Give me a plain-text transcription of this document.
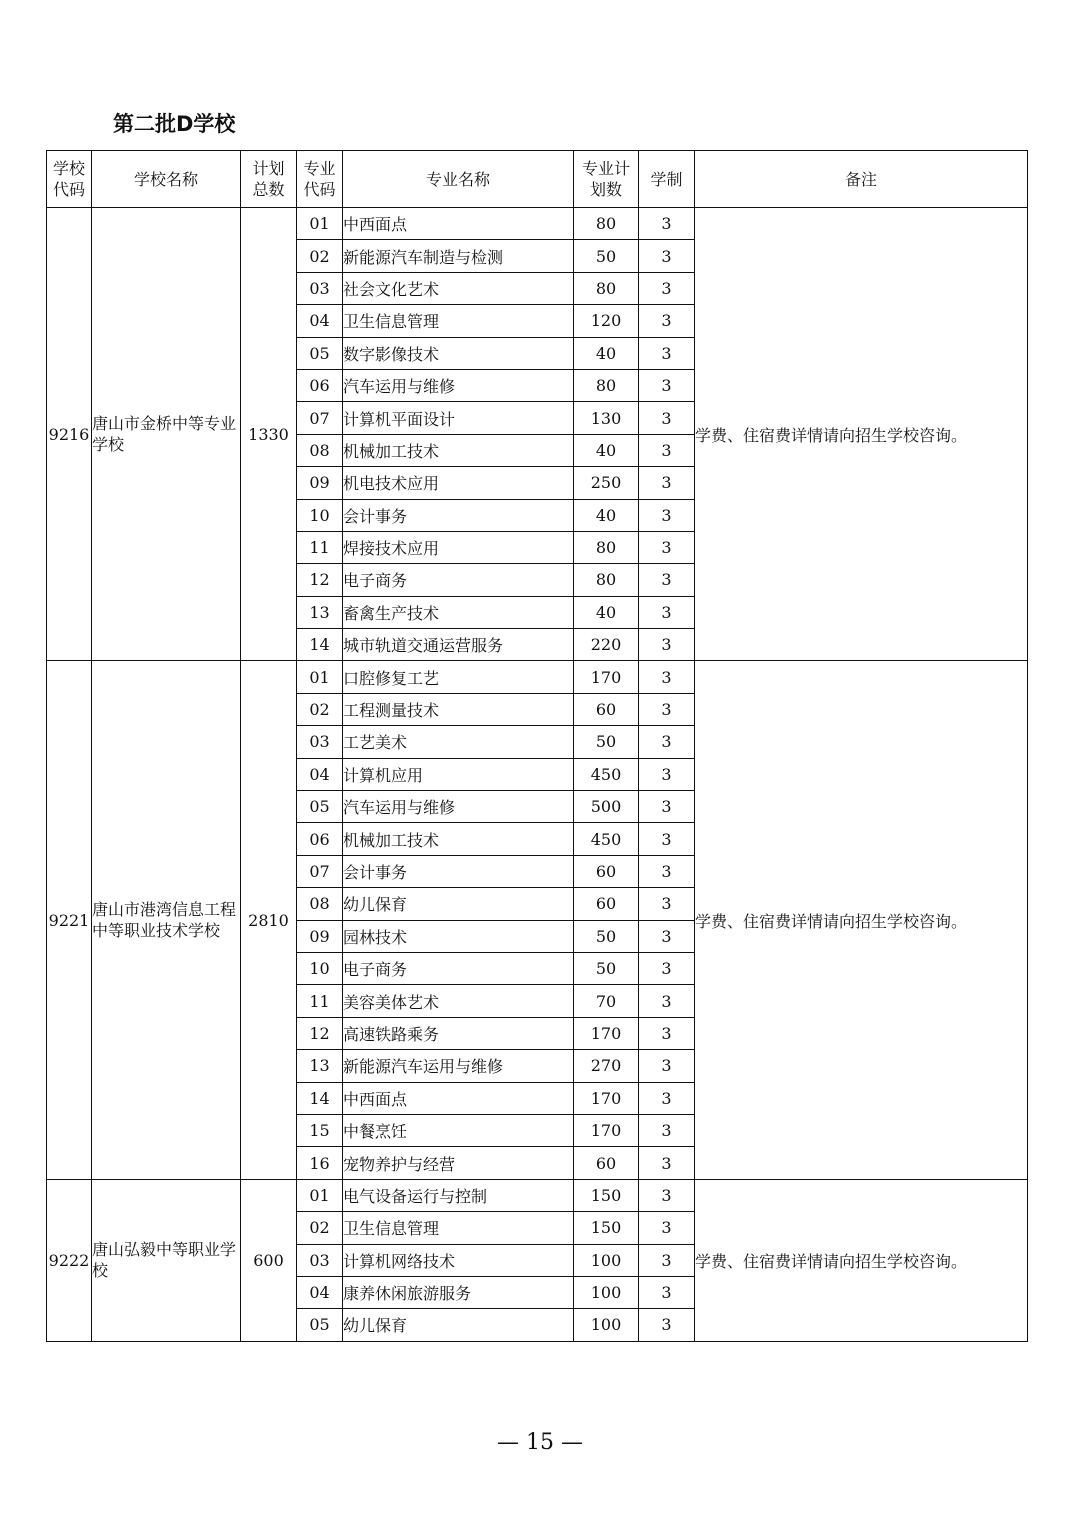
第二批D学校
学校代码	学校名称	计划总数	专业代码	专业名称	专业计划数	学制	备注
9216	唐山市金桥中等专业学校	1330	01	中西面点	80	3	学费、住宿费详情请向招生学校咨询。
			02	新能源汽车制造与检测	50	3	
			03	社会文化艺术	80	3	
			04	卫生信息管理	120	3	
			05	数字影像技术	40	3	
			06	汽车运用与维修	80	3	
			07	计算机平面设计	130	3	
			08	机械加工技术	40	3	
			09	机电技术应用	250	3	
			10	会计事务	40	3	
			11	焊接技术应用	80	3	
			12	电子商务	80	3	
			13	畜禽生产技术	40	3	
			14	城市轨道交通运营服务	220	3	
9221	唐山市港湾信息工程中等职业技术学校	2810	01	口腔修复工艺	170	3	学费、住宿费详情请向招生学校咨询。
			02	工程测量技术	60	3	
			03	工艺美术	50	3	
			04	计算机应用	450	3	
			05	汽车运用与维修	500	3	
			06	机械加工技术	450	3	
			07	会计事务	60	3	
			08	幼儿保育	60	3	
			09	园林技术	50	3	
			10	电子商务	50	3	
			11	美容美体艺术	70	3	
			12	高速铁路乘务	170	3	
			13	新能源汽车运用与维修	270	3	
			14	中西面点	170	3	
			15	中餐烹饪	170	3	
			16	宠物养护与经营	60	3	
9222	唐山弘毅中等职业学校	600	01	电气设备运行与控制	150	3	学费、住宿费详情请向招生学校咨询。
			02	卫生信息管理	150	3	
			03	计算机网络技术	100	3	
			04	康养休闲旅游服务	100	3	
			05	幼儿保育	100	3	
— 15 —
